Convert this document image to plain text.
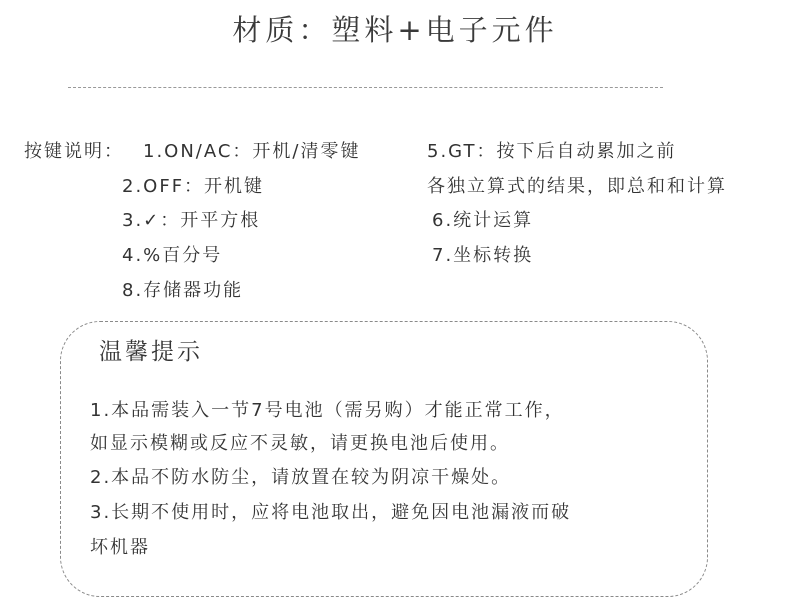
材质：塑料+电子元件
按键说明： 1.ON/AC：开机/清零键
2.OFF：开机键
3.✓：开平方根
4.%百分号
8.存储器功能
5.GT：按下后自动累加之前
各独立算式的结果，即总和和计算
6.统计运算
7.坐标转换
温馨提示
1.本品需装入一节7号电池（需另购）才能正常工作，
如显示模糊或反应不灵敏，请更换电池后使用。
2.本品不防水防尘，请放置在较为阴凉干燥处。
3.长期不使用时，应将电池取出，避免因电池漏液而破
坏机器
